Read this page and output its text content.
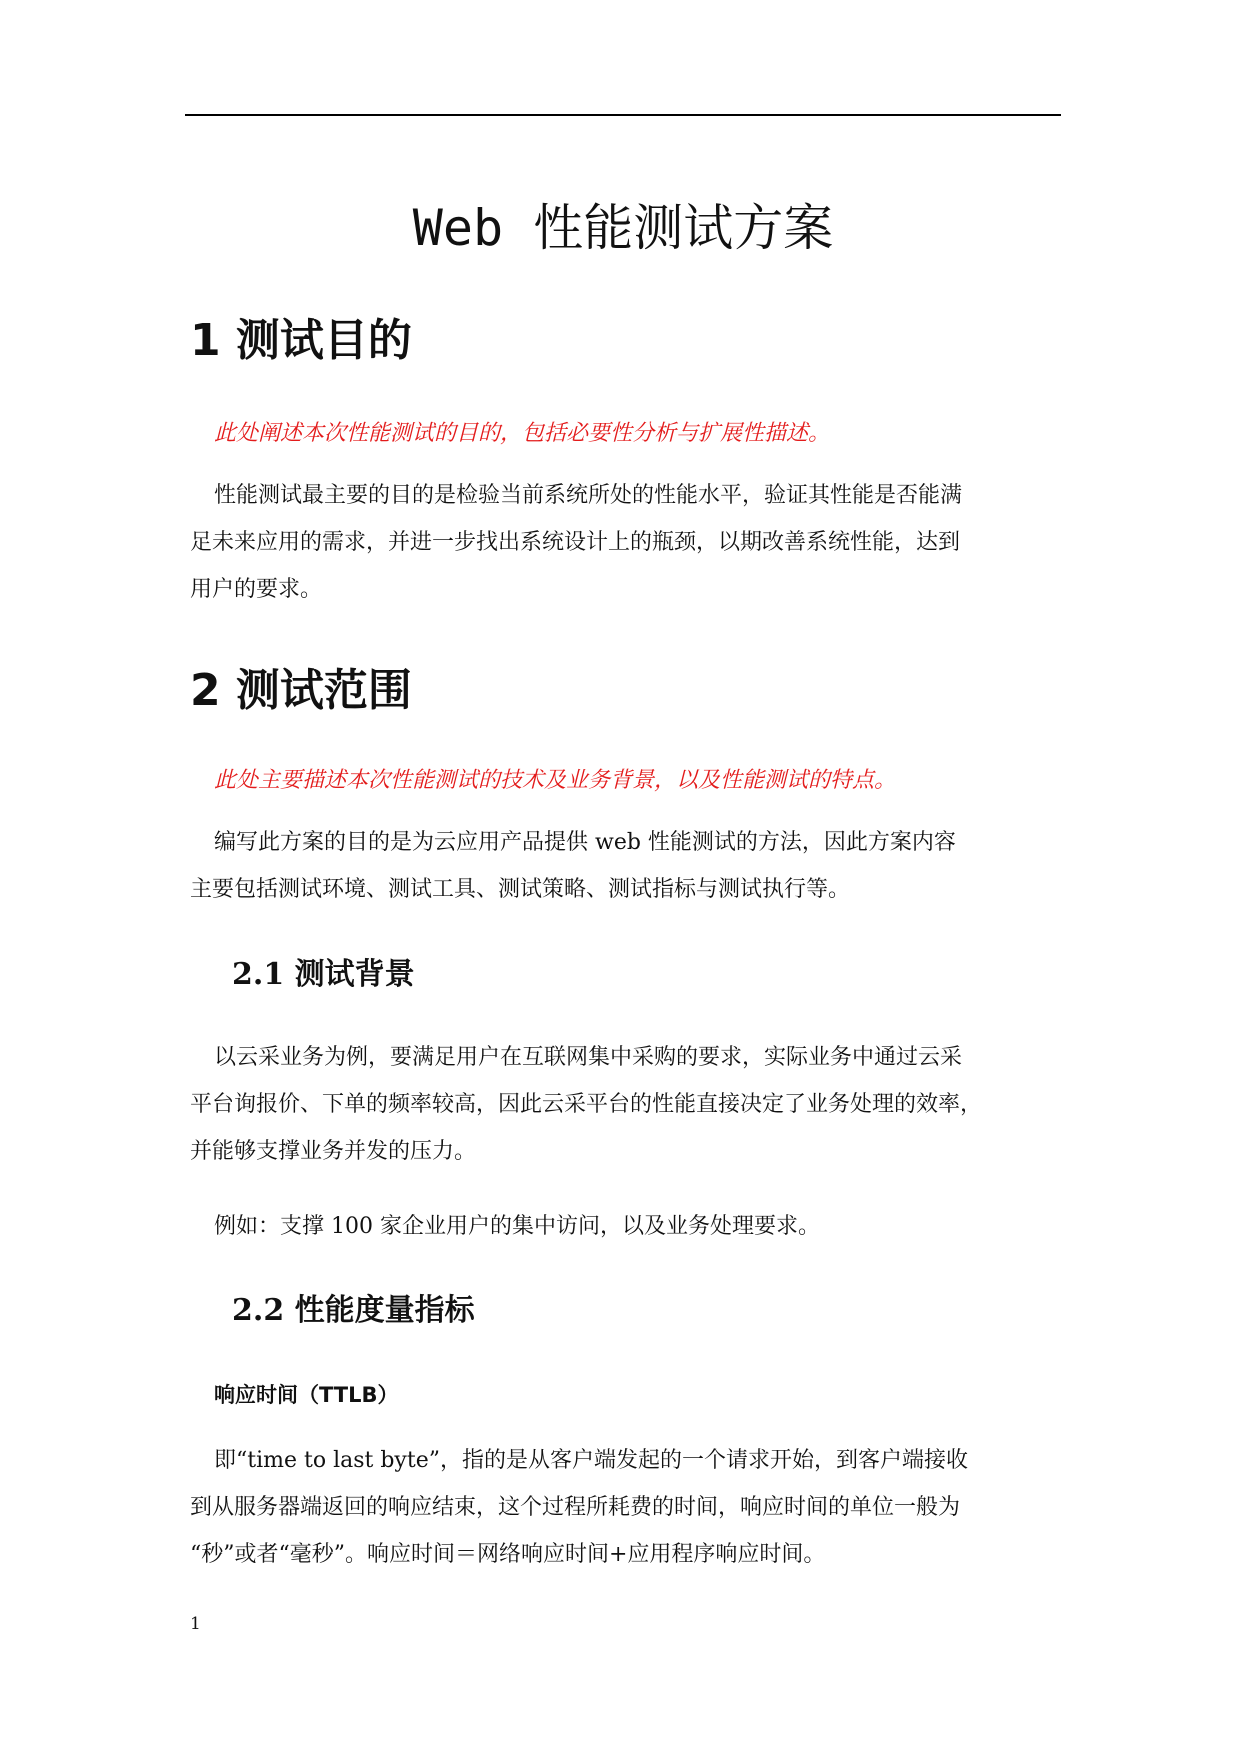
Web 性能测试方案
1 测试目的
此处阐述本次性能测试的目的，包括必要性分析与扩展性描述。
性能测试最主要的目的是检验当前系统所处的性能水平，验证其性能是否能满
足未来应用的需求，并进一步找出系统设计上的瓶颈，以期改善系统性能，达到
用户的要求。
2 测试范围
此处主要描述本次性能测试的技术及业务背景，以及性能测试的特点。
编写此方案的目的是为云应用产品提供 web 性能测试的方法，因此方案内容
主要包括测试环境、测试工具、测试策略、测试指标与测试执行等。
2.1 测试背景
以云采业务为例，要满足用户在互联网集中采购的要求，实际业务中通过云采
平台询报价、下单的频率较高，因此云采平台的性能直接决定了业务处理的效率，
并能够支撑业务并发的压力。
例如：支撑 100 家企业用户的集中访问，以及业务处理要求。
2.2 性能度量指标
响应时间（TTLB）
即“time to last byte”，指的是从客户端发起的一个请求开始，到客户端接收
到从服务器端返回的响应结束，这个过程所耗费的时间，响应时间的单位一般为
“秒”或者“毫秒”。响应时间＝网络响应时间+应用程序响应时间。
1
